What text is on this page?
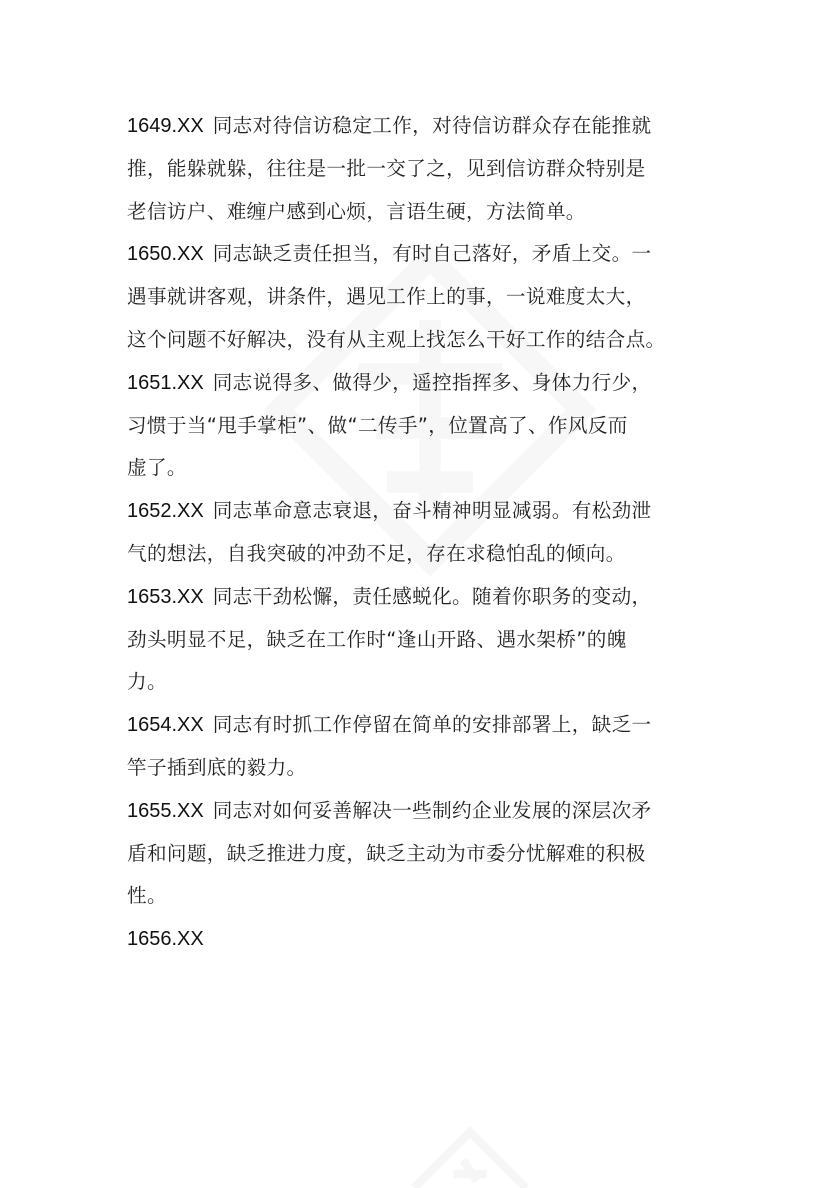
1649.XX 同志对待信访稳定工作，对待信访群众存在能推就
推，能躲就躲，往往是一批一交了之，见到信访群众特别是
老信访户、难缠户感到心烦，言语生硬，方法简单。
1650.XX 同志缺乏责任担当，有时自己落好，矛盾上交。一
遇事就讲客观，讲条件，遇见工作上的事，一说难度太大，
这个问题不好解决，没有从主观上找怎么干好工作的结合点。
1651.XX 同志说得多、做得少，遥控指挥多、身体力行少，
习惯于当“甩手掌柜”、做“二传手”，位置高了、作风反而
虚了。
1652.XX 同志革命意志衰退，奋斗精神明显减弱。有松劲泄
气的想法，自我突破的冲劲不足，存在求稳怕乱的倾向。
1653.XX 同志干劲松懈，责任感蜕化。随着你职务的变动，
劲头明显不足，缺乏在工作时“逢山开路、遇水架桥”的魄
力。
1654.XX 同志有时抓工作停留在简单的安排部署上，缺乏一
竿子插到底的毅力。
1655.XX 同志对如何妥善解决一些制约企业发展的深层次矛
盾和问题，缺乏推进力度，缺乏主动为市委分忧解难的积极
性。
1656.XX
